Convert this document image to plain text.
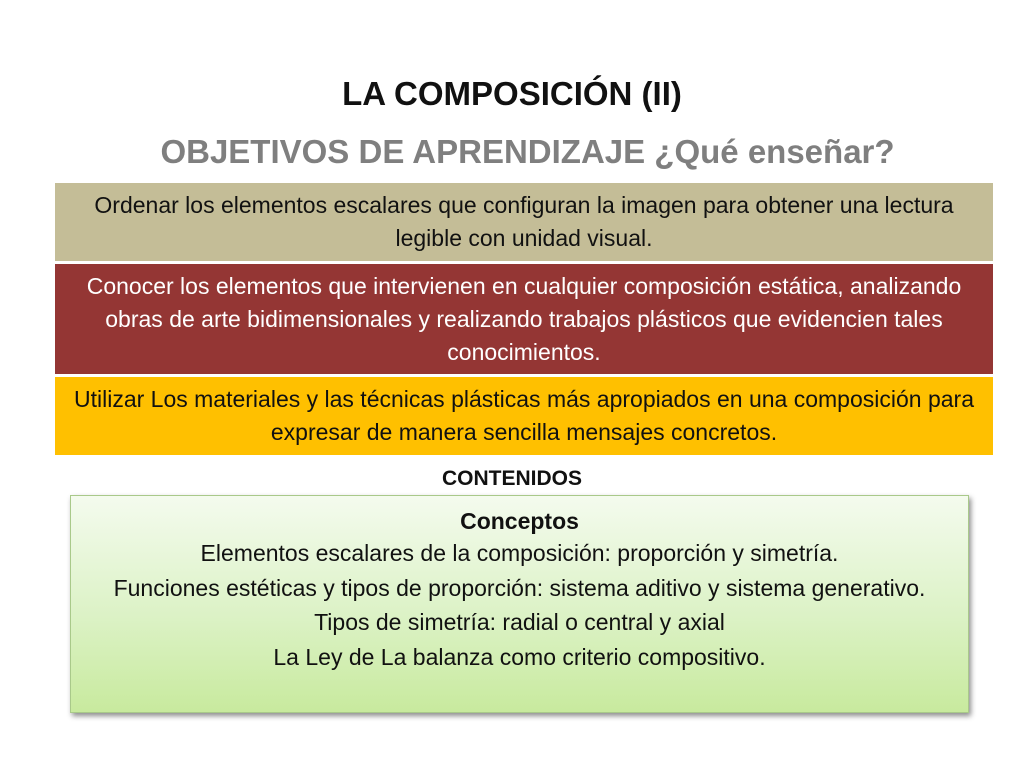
LA COMPOSICIÓN (II)
OBJETIVOS DE APRENDIZAJE ¿Qué enseñar?
Ordenar los elementos escalares que configuran la imagen para obtener una lectura legible con unidad visual.
Conocer los elementos que intervienen en cualquier composición estática, analizando obras de arte bidimensionales y realizando trabajos plásticos que evidencien tales conocimientos.
Utilizar Los materiales y las técnicas plásticas más apropiados en una composición para expresar de manera sencilla mensajes concretos.
CONTENIDOS
Conceptos
Elementos escalares de la composición: proporción y simetría.
Funciones estéticas y tipos de proporción: sistema aditivo y sistema generativo.
Tipos de simetría: radial o central y axial
La Ley de La balanza como criterio compositivo.
